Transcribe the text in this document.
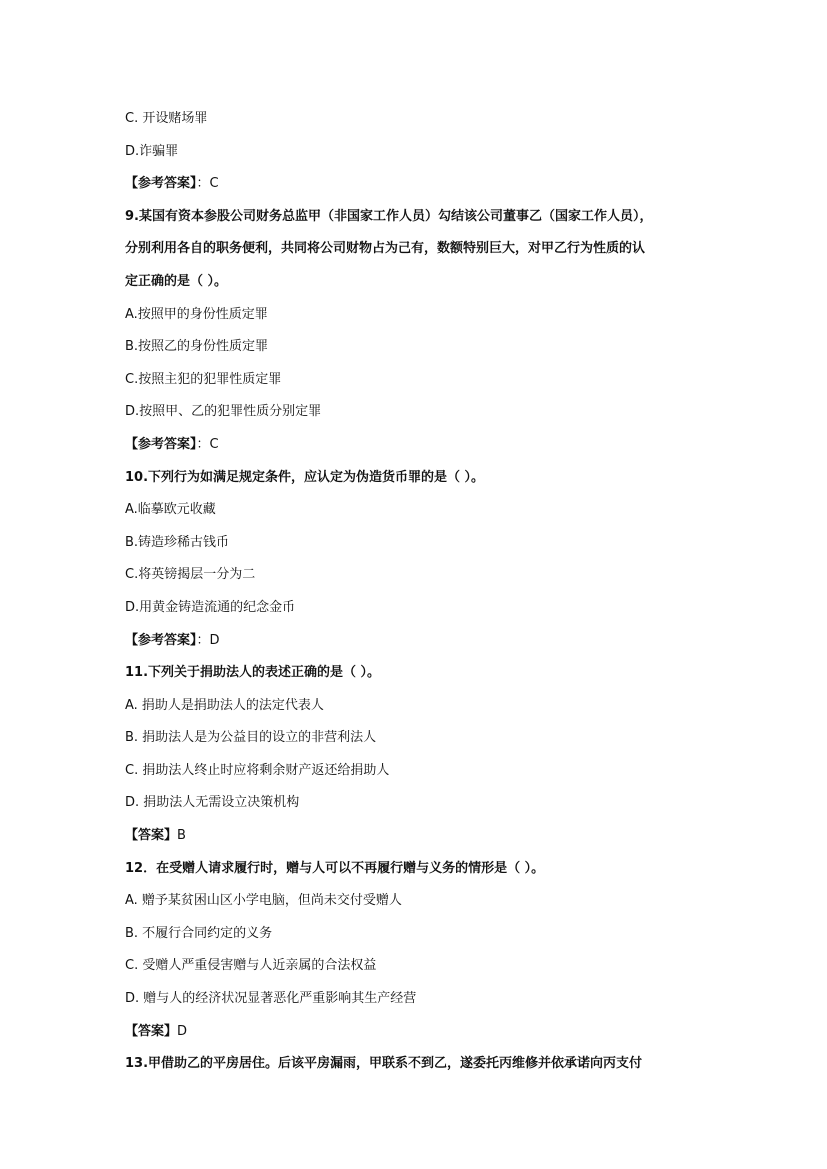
C. 开设赌场罪

D.诈骗罪

【参考答案】：C

9.某国有资本参股公司财务总监甲（非国家工作人员）勾结该公司董事乙（国家工作人员），

分别利用各自的职务便利，共同将公司财物占为己有，数额特别巨大，对甲乙行为性质的认

定正确的是（ ）。

A.按照甲的身份性质定罪

B.按照乙的身份性质定罪

C.按照主犯的犯罪性质定罪

D.按照甲、乙的犯罪性质分别定罪

【参考答案】：C

10.下列行为如满足规定条件，应认定为伪造货币罪的是（ ）。

A.临摹欧元收藏

B.铸造珍稀古钱币

C.将英镑揭层一分为二

D.用黄金铸造流通的纪念金币

【参考答案】：D

11.下列关于捐助法人的表述正确的是（ ）。

A. 捐助人是捐助法人的法定代表人

B. 捐助法人是为公益目的设立的非营利法人

C. 捐助法人终止时应将剩余财产返还给捐助人

D. 捐助法人无需设立决策机构

【答案】B

12．在受赠人请求履行时，赠与人可以不再履行赠与义务的情形是（ ）。

A. 赠予某贫困山区小学电脑，但尚未交付受赠人

B. 不履行合同约定的义务

C. 受赠人严重侵害赠与人近亲属的合法权益

D. 赠与人的经济状况显著恶化严重影响其生产经营

【答案】D

13.甲借助乙的平房居住。后该平房漏雨，甲联系不到乙，遂委托丙维修并依承诺向丙支付
